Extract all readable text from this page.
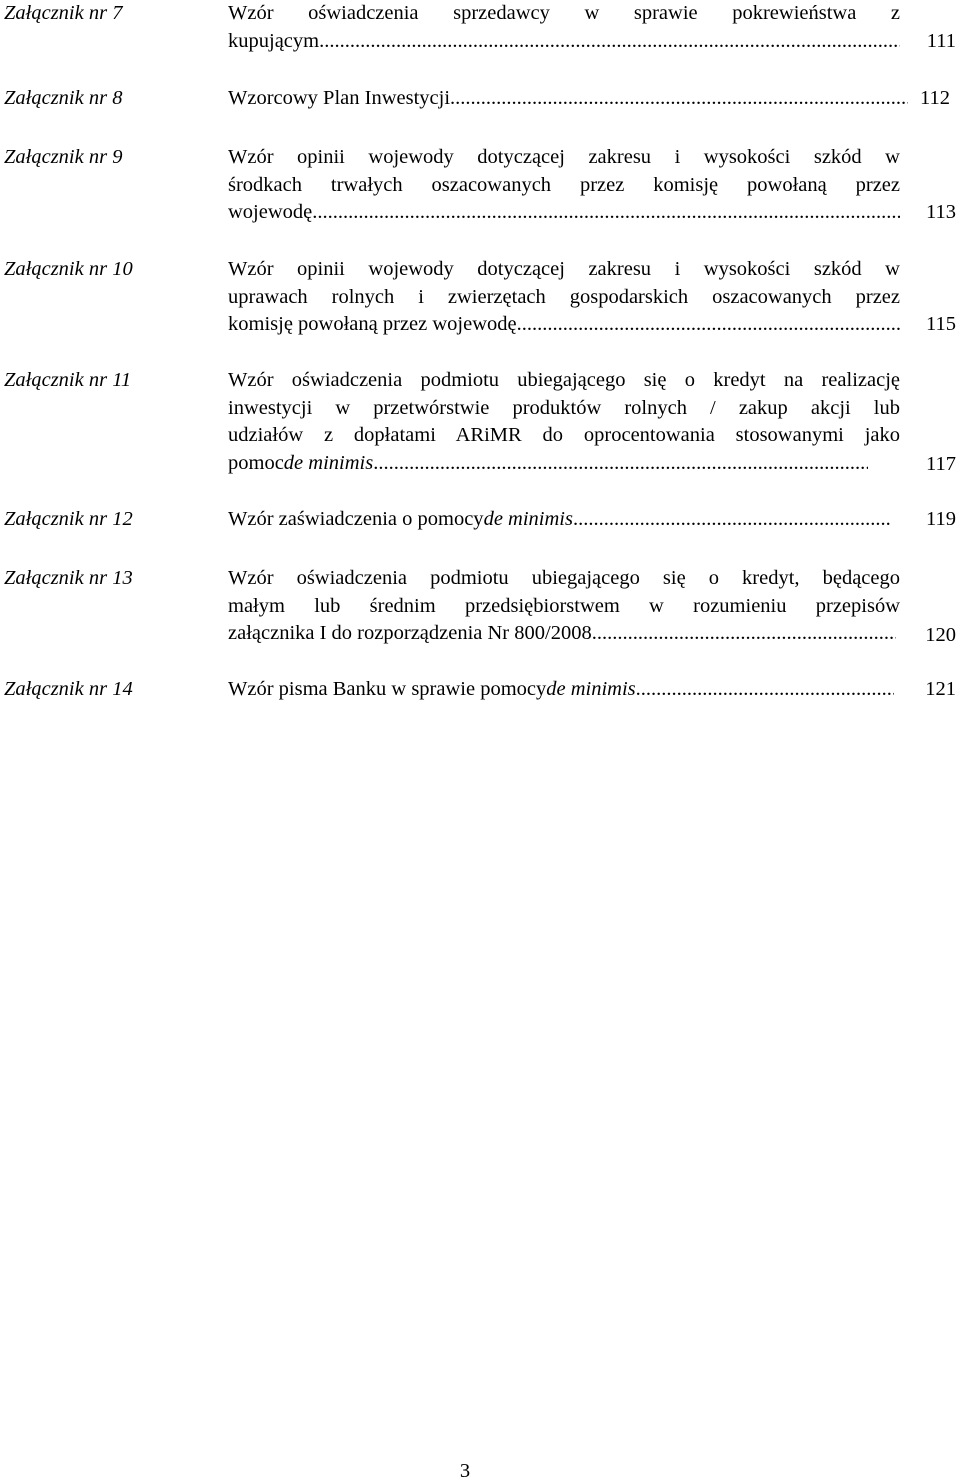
Załącznik nr 7	Wzór oświadczenia sprzedawcy w sprawie pokrewieństwa z
kupującym .....	111
Załącznik nr 8	Wzorcowy Plan Inwestycji .....	112
Załącznik nr 9	Wzór opinii wojewody dotyczącej zakresu i wysokości szkód w
środkach trwałych oszacowanych przez komisję powołaną przez
wojewodę .....	113
Załącznik nr 10	Wzór opinii wojewody dotyczącej zakresu i wysokości szkód w
uprawach rolnych i zwierzętach gospodarskich oszacowanych przez
komisję powołaną przez wojewodę .....	115
Załącznik nr 11	Wzór oświadczenia podmiotu ubiegającego się o kredyt na realizację
inwestycji w przetwórstwie produktów rolnych / zakup akcji lub
udziałów z dopłatami ARiMR do oprocentowania stosowanymi jako
pomoc de minimis .....	117
Załącznik nr 12	Wzór zaświadczenia o pomocy de minimis .....	119
Załącznik nr 13	Wzór oświadczenia podmiotu ubiegającego się o kredyt, będącego
małym lub średnim przedsiębiorstwem w rozumieniu przepisów
załącznika I do rozporządzenia Nr 800/2008 .....	120
Załącznik nr 14	Wzór pisma Banku w sprawie pomocy de minimis .....	121
3
